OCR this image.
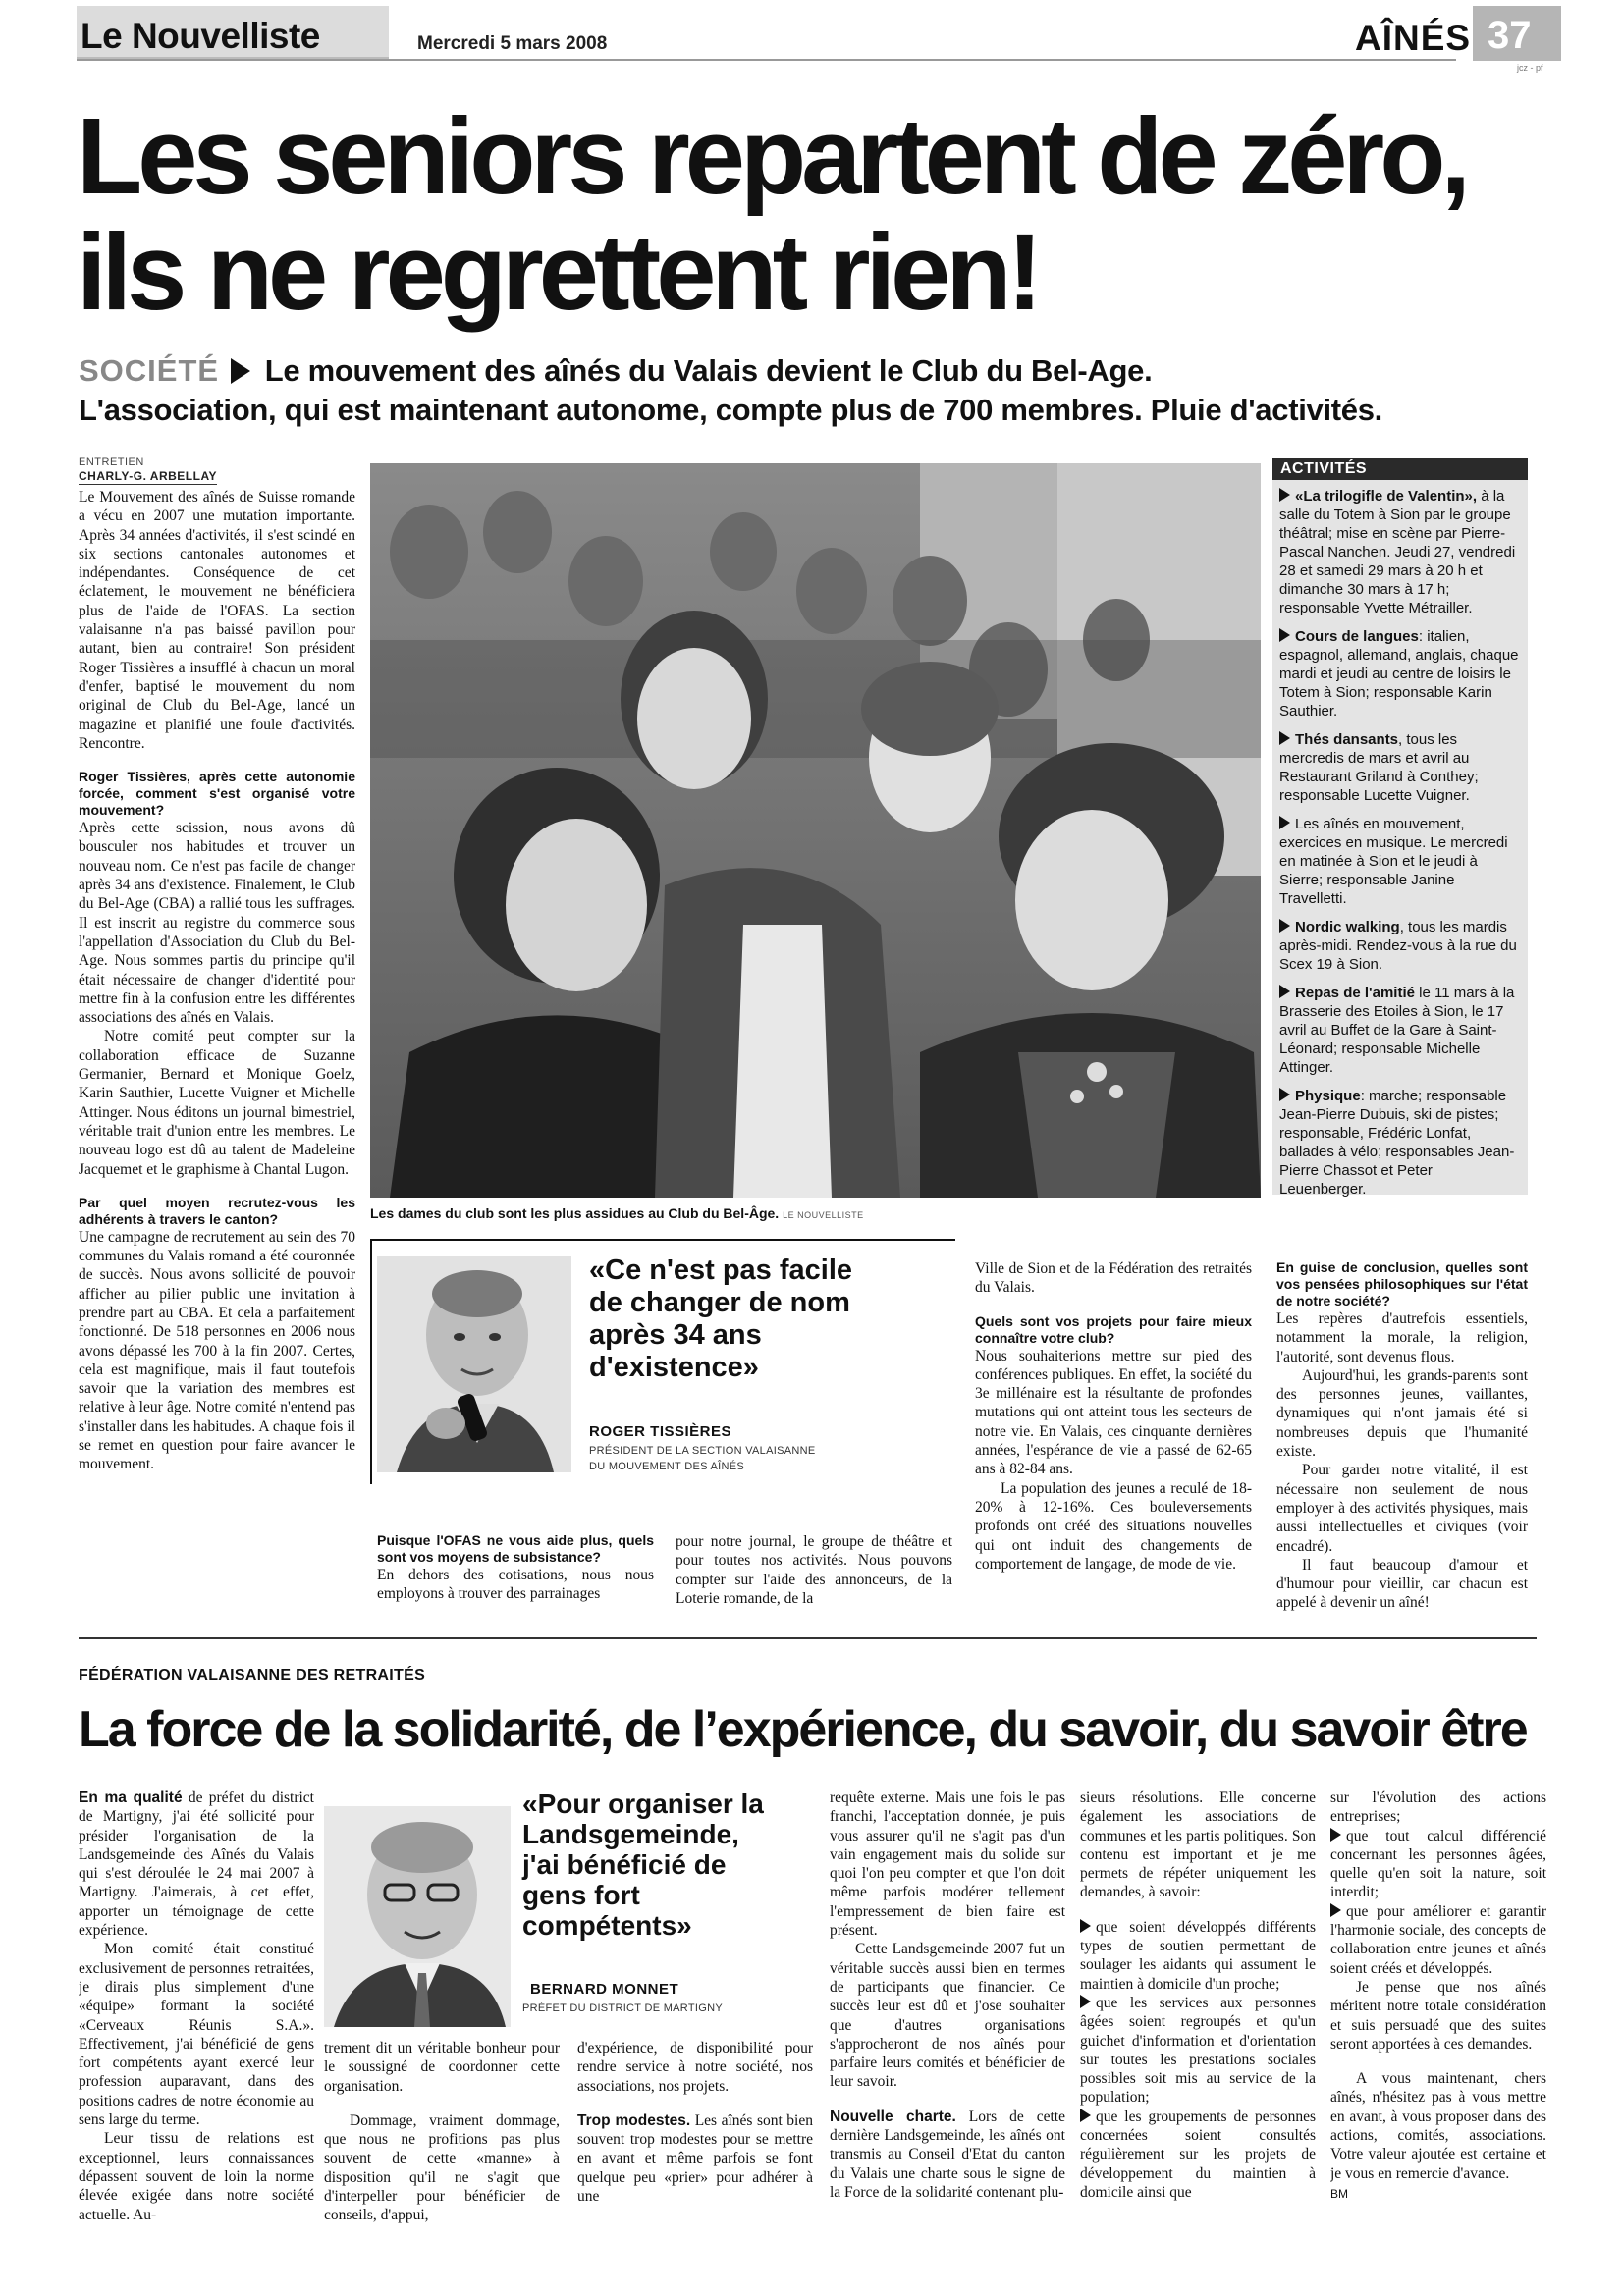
Le Nouvelliste	Mercredi 5 mars 2008	AÎNÉS 37
jcz - pf
Les seniors repartent de zéro,
ils ne regrettent rien!
SOCIÉTÉ Le mouvement des aînés du Valais devient le Club du Bel-Age.
L'association, qui est maintenant autonome, compte plus de 700 membres. Pluie d'activités.
ENTRETIEN
CHARLY-G. ARBELLAY

Le Mouvement des aînés de Suisse romande a vécu en 2007 une mutation importante. Après 34 années d'activités, il s'est scindé en six sections cantonales autonomes et indépendantes. Conséquence de cet éclatement, le mouvement ne bénéficiera plus de l'aide de l'OFAS. La section valaisanne n'a pas baissé pavillon pour autant, bien au contraire! Son président Roger Tissières a insufflé à chacun un moral d'enfer, baptisé le mouvement du nom original de Club du Bel-Age, lancé un magazine et planifié une foule d'activités. Rencontre.

Roger Tissières, après cette autonomie forcée, comment s'est organisé votre mouvement?

Après cette scission, nous avons dû bousculer nos habitudes et trouver un nouveau nom. Ce n'est pas facile de changer après 34 ans d'existence. Finalement, le Club du Bel-Age (CBA) a rallié tous les suffrages. Il est inscrit au registre du commerce sous l'appellation d'Association du Club du Bel-Age. Nous sommes partis du principe qu'il était nécessaire de changer d'identité pour mettre fin à la confusion entre les différentes associations des aînés en Valais.

Notre comité peut compter sur la collaboration efficace de Suzanne Germanier, Bernard et Monique Goelz, Karin Sauthier, Lucette Vuigner et Michelle Attinger. Nous éditons un journal bimestriel, véritable trait d'union entre les membres. Le nouveau logo est dû au talent de Madeleine Jacquemet et le graphisme à Chantal Lugon.

Par quel moyen recrutez-vous les adhérents à travers le canton?

Une campagne de recrutement au sein des 70 communes du Valais romand a été couronnée de succès. Nous avons sollicité de pouvoir afficher au pilier public une invitation à prendre part au CBA. Et cela a parfaitement fonctionné. De 518 personnes en 2006 nous avons dépassé les 700 à la fin 2007. Certes, cela est magnifique, mais il faut toutefois savoir que la variation des membres est relative à leur âge. Notre comité n'entend pas s'installer dans les habitudes. A chaque fois il se remet en question pour faire avancer le mouvement.

Les dames du club sont les plus assidues au Club du Bel-Âge. LE NOUVELLISTE
ACTIVITÉS

«La trilogifle de Valentin», à la salle du Totem à Sion par le groupe théâtral; mise en scène par Pierre-Pascal Nanchen. Jeudi 27, vendredi 28 et samedi 29 mars à 20 h et dimanche 30 mars à 17 h; responsable Yvette Métrailler.

Cours de langues: italien, espagnol, allemand, anglais, chaque mardi et jeudi au centre de loisirs le Totem à Sion; responsable Karin Sauthier.

Thés dansants, tous les mercredis de mars et avril au Restaurant Griland à Conthey; responsable Lucette Vuigner.

Les aînés en mouvement, exercices en musique. Le mercredi en matinée à Sion et le jeudi à Sierre; responsable Janine Travelletti.

Nordic walking, tous les mardis après-midi. Rendez-vous à la rue du Scex 19 à Sion.

Repas de l'amitié le 11 mars à la Brasserie des Etoiles à Sion, le 17 avril au Buffet de la Gare à Saint-Léonard; responsable Michelle Attinger.

Physique: marche; responsable Jean-Pierre Dubuis, ski de pistes; responsable, Frédéric Lonfat, ballades à vélo; responsables Jean-Pierre Chassot et Peter Leuenberger.

«Ce n'est pas facile de changer de nom après 34 ans d'existence»
ROGER TISSIÈRES
PRÉSIDENT DE LA SECTION VALAISANNE
DU MOUVEMENT DES AÎNÉS

Puisque l'OFAS ne vous aide plus, quels sont vos moyens de subsistance?

En dehors des cotisations, nous nous employons à trouver des parrainages

pour notre journal, le groupe de théâtre et pour toutes nos activités. Nous pouvons compter sur l'aide des annonceurs, de la Loterie romande, de la

Ville de Sion et de la Fédération des retraités du Valais.

Quels sont vos projets pour faire mieux connaître votre club?

Nous souhaiterions mettre sur pied des conférences publiques. En effet, la société du 3e millénaire est la résultante de profondes mutations qui ont atteint tous les secteurs de notre vie. En Valais, ces cinquante dernières années, l'espérance de vie a passé de 62-65 ans à 82-84 ans.

La population des jeunes a reculé de 18-20% à 12-16%. Ces bouleversements profonds ont créé des situations nouvelles qui ont induit des changements de comportement de langage, de mode de vie.

En guise de conclusion, quelles sont vos pensées philosophiques sur l'état de notre société?

Les repères d'autrefois essentiels, notamment la morale, la religion, l'autorité, sont devenus flous.

Aujourd'hui, les grands-parents sont des personnes jeunes, vaillantes, dynamiques qui n'ont jamais été si nombreuses depuis que l'humanité existe.

Pour garder notre vitalité, il est nécessaire non seulement de nous employer à des activités physiques, mais aussi intellectuelles et civiques (voir encadré).

Il faut beaucoup d'amour et d'humour pour vieillir, car chacun est appelé à devenir un aîné!

FÉDÉRATION VALAISANNE DES RETRAITÉS
La force de la solidarité, de l’expérience, du savoir, du savoir être

En ma qualité de préfet du district de Martigny, j'ai été sollicité pour présider l'organisation de la Landsgemeinde des Aînés du Valais qui s'est déroulée le 24 mai 2007 à Martigny. J'aimerais, à cet effet, apporter un témoignage de cette expérience.

Mon comité était constitué exclusivement de personnes retraitées, je dirais plus simplement d'une «équipe» formant la société «Cerveaux Réunis S.A.». Effectivement, j'ai bénéficié de gens fort compétents ayant exercé leur profession auparavant, dans des positions cadres de notre économie au sens large du terme.

Leur tissu de relations est exceptionnel, leurs connaissances dépassent souvent de loin la norme élevée exigée dans notre société actuelle. Au-

«Pour organiser la Landsgemeinde, j'ai bénéficié de gens fort compétents»
BERNARD MONNET
PRÉFET DU DISTRICT DE MARTIGNY

trement dit un véritable bonheur pour le soussigné de coordonner cette organisation.

Dommage, vraiment dommage, que nous ne profitions pas plus souvent de cette «manne» à disposition qu'il ne s'agit que d'interpeller pour bénéficier de conseils, d'appui,

d'expérience, de disponibilité pour rendre service à notre société, nos associations, nos projets.

Trop modestes. Les aînés sont bien souvent trop modestes pour se mettre en avant et même parfois se font quelque peu «prier» pour adhérer à une

requête externe. Mais une fois le pas franchi, l'acceptation donnée, je puis vous assurer qu'il ne s'agit pas d'un vain engagement mais du solide sur quoi l'on peu compter et que l'on doit même parfois modérer tellement l'empressement de bien faire est présent.

Cette Landsgemeinde 2007 fut un véritable succès aussi bien en termes de participants que financier. Ce succès leur est dû et j'ose souhaiter que d'autres organisations s'approcheront de nos aînés pour parfaire leurs comités et bénéficier de leur savoir.

Nouvelle charte. Lors de cette dernière Landsgemeinde, les aînés ont transmis au Conseil d'Etat du canton du Valais une charte sous le signe de la Force de la solidarité contenant plu-

sieurs résolutions. Elle concerne également les associations de communes et les partis politiques. Son contenu est important et je me permets de répéter uniquement les demandes, à savoir:

que soient développés différents types de soutien permettant de soulager les aidants qui assument le maintien à domicile d'un proche;

que les services aux personnes âgées soient regroupés et qu'un guichet d'information et d'orientation sur toutes les prestations sociales possibles soit mis au service de la population;

que les groupements de personnes concernées soient consultés régulièrement sur les projets de développement du maintien à domicile ainsi que

sur l'évolution des actions entreprises;

que tout calcul différencié concernant les personnes âgées, quelle qu'en soit la nature, soit interdit;

que pour améliorer et garantir l'harmonie sociale, des concepts de collaboration entre jeunes et aînés soient créés et développés.

Je pense que nos aînés méritent notre totale considération et suis persuadé que des suites seront apportées à ces demandes.

A vous maintenant, chers aînés, n'hésitez pas à vous mettre en avant, à vous proposer dans des actions, comités, associations. Votre valeur ajoutée est certaine et je vous en remercie d'avance.

BM
